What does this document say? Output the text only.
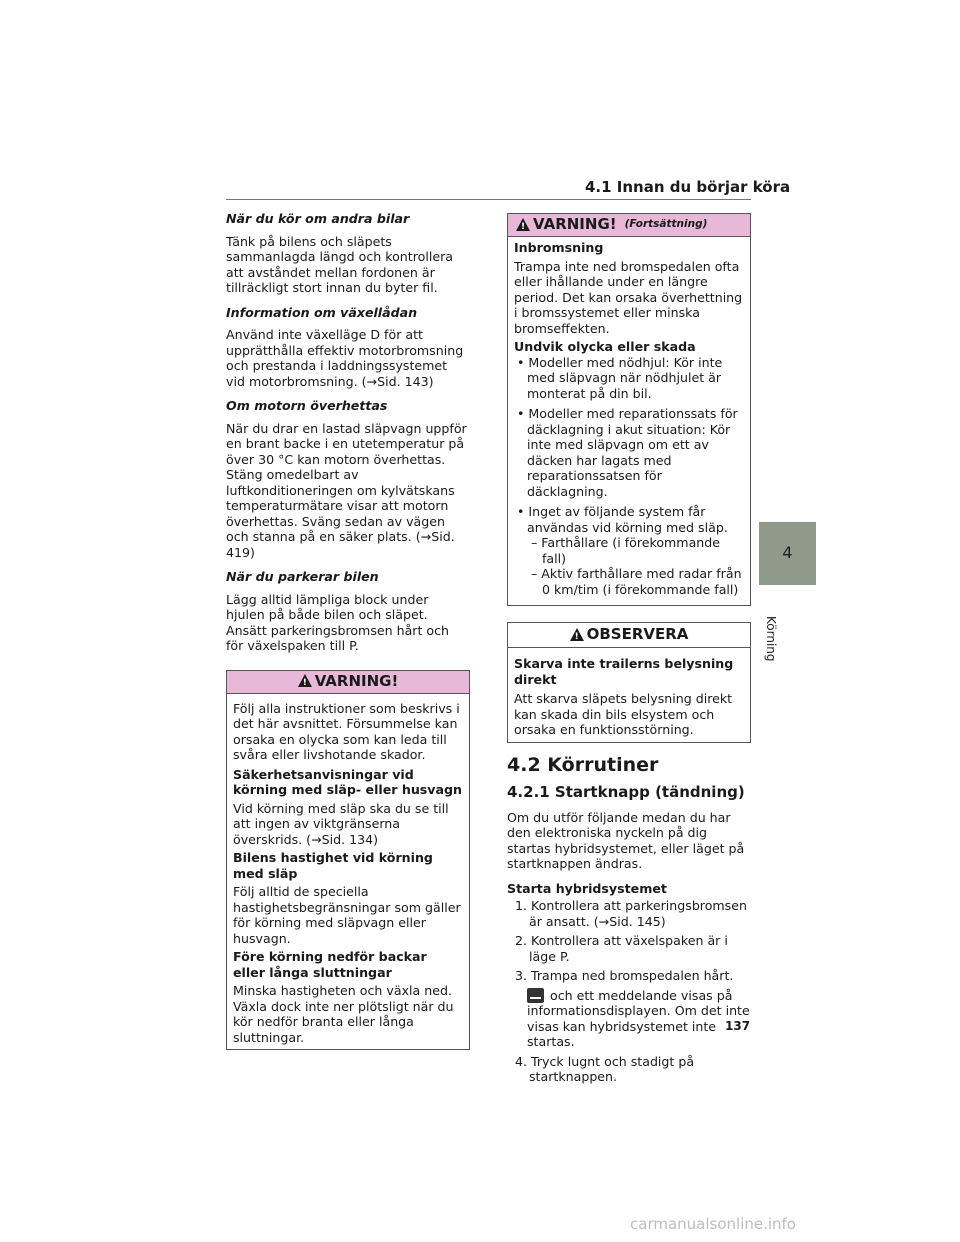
4.1 Innan du börjar köra
4
Körning

När du kör om andra bilar

Tänk på bilens och släpets sammanlagda längd och kontrollera att avståndet mellan fordonen är tillräckligt stort innan du byter fil.

Information om växellådan

Använd inte växelläge D för att upprätthålla effektiv motorbromsning och prestanda i laddningssystemet vid motorbromsning. (→Sid. 143)

Om motorn överhettas

När du drar en lastad släpvagn uppför en brant backe i en utetemperatur på över 30 °C kan motorn överhettas. Stäng omedelbart av luftkonditioneringen om kylvätskans temperaturmätare visar att motorn överhettas. Sväng sedan av vägen och stanna på en säker plats. (→Sid. 419)

När du parkerar bilen

Lägg alltid lämpliga block under hjulen på både bilen och släpet. Ansätt parkeringsbromsen hårt och för växelspaken till P.

!
VARNING!

Följ alla instruktioner som beskrivs i det här avsnittet. Försummelse kan orsaka en olycka som kan leda till svåra eller livshotande skador.

Säkerhetsanvisningar vid körning med släp- eller husvagn

Vid körning med släp ska du se till att ingen av viktgränserna överskrids. (→Sid. 134)

Bilens hastighet vid körning med släp

Följ alltid de speciella hastighetsbegränsningar som gäller för körning med släpvagn eller husvagn.

Före körning nedför backar eller långa sluttningar

Minska hastigheten och växla ned. Växla dock inte ner plötsligt när du kör nedför branta eller långa sluttningar.

!
VARNING! (Fortsättning)

Inbromsning

Trampa inte ned bromspedalen ofta eller ihållande under en längre period. Det kan orsaka överhettning i bromssystemet eller minska bromseffekten.

Undvik olycka eller skada

• Modeller med nödhjul: Kör inte med släpvagn när nödhjulet är monterat på din bil.

• Modeller med reparationssats för däcklagning i akut situation: Kör inte med släpvagn om ett av däcken har lagats med reparationssatsen för däcklagning.

• Inget av följande system får användas vid körning med släp.

– Farthållare (i förekommande fall)

– Aktiv farthållare med radar från 0 km/tim (i förekommande fall)

!
OBSERVERA

Skarva inte trailerns belysning direkt

Att skarva släpets belysning direkt kan skada din bils elsystem och orsaka en funktionsstörning.

4.2 Körrutiner
4.2.1 Startknapp (tändning)

Om du utför följande medan du har den elektroniska nyckeln på dig startas hybridsystemet, eller läget på startknappen ändras.

Starta hybridsystemet

1. Kontrollera att parkeringsbromsen är ansatt. (→Sid. 145)

2. Kontrollera att växelspaken är i läge P.

3. Trampa ned bromspedalen hårt.

och ett meddelande visas på informationsdisplayen. Om det inte visas kan hybridsystemet inte startas.

4. Tryck lugnt och stadigt på startknappen.

137
carmanualsonline.info
